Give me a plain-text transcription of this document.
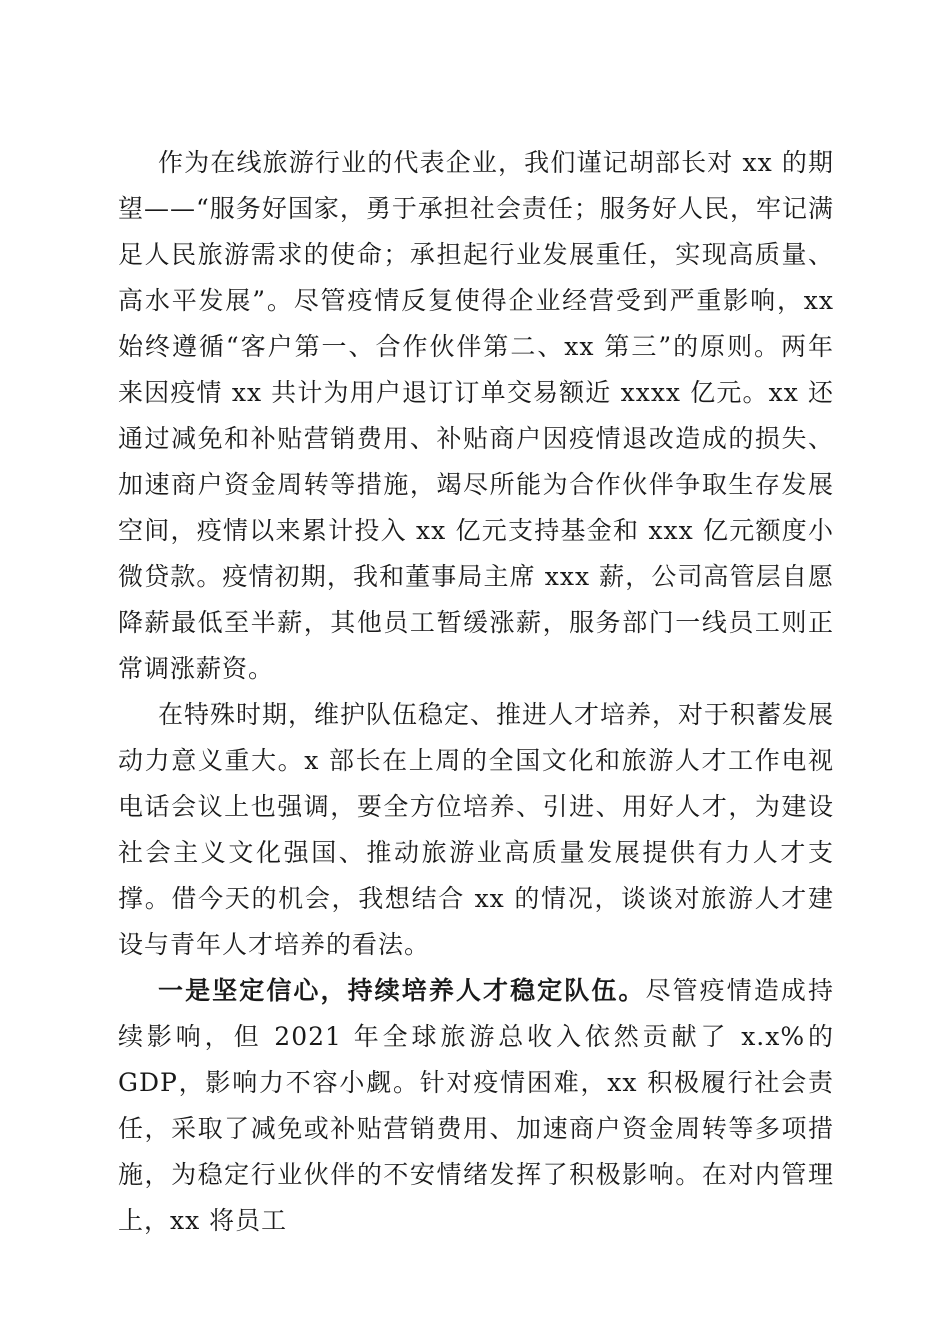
作为在线旅游行业的代表企业，我们谨记胡部长对 xx 的期望——“服务好国家，勇于承担社会责任；服务好人民，牢记满足人民旅游需求的使命；承担起行业发展重任，实现高质量、高水平发展”。尽管疫情反复使得企业经营受到严重影响，xx 始终遵循“客户第一、合作伙伴第二、xx 第三”的原则。两年来因疫情 xx 共计为用户退订订单交易额近 xxxx 亿元。xx 还通过减免和补贴营销费用、补贴商户因疫情退改造成的损失、加速商户资金周转等措施，竭尽所能为合作伙伴争取生存发展空间，疫情以来累计投入 xx 亿元支持基金和 xxx 亿元额度小微贷款。疫情初期，我和董事局主席 xxx 薪，公司高管层自愿降薪最低至半薪，其他员工暂缓涨薪，服务部门一线员工则正常调涨薪资。

在特殊时期，维护队伍稳定、推进人才培养，对于积蓄发展动力意义重大。x 部长在上周的全国文化和旅游人才工作电视电话会议上也强调，要全方位培养、引进、用好人才，为建设社会主义文化强国、推动旅游业高质量发展提供有力人才支撑。借今天的机会，我想结合 xx 的情况，谈谈对旅游人才建设与青年人才培养的看法。

一是坚定信心，持续培养人才稳定队伍。尽管疫情造成持续影响，但 2021 年全球旅游总收入依然贡献了 x.x%的 GDP，影响力不容小觑。针对疫情困难，xx 积极履行社会责任，采取了减免或补贴营销费用、加速商户资金周转等多项措施，为稳定行业伙伴的不安情绪发挥了积极影响。在对内管理上，xx 将员工
